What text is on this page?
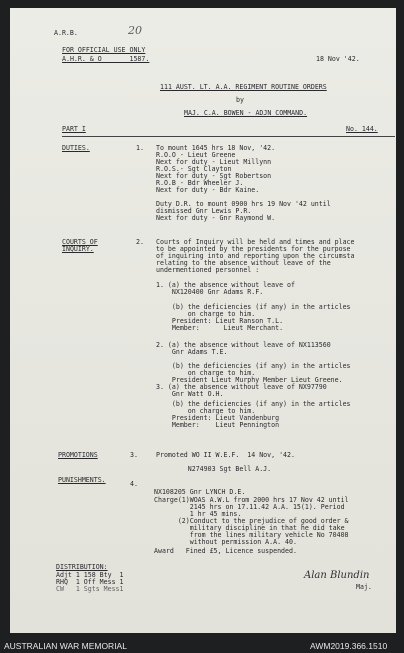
A.R.B.	20
FOR OFFICIAL USE ONLY
A.H.R. & O       1587.	18 Nov '42.
111 AUST. LT. A.A. REGIMENT ROUTINE ORDERS
by
MAJ. C.A. BOWEN - ADJN COMMAND.
PART I	No. 144.
DUTIES.	1. To mount 1645 hrs 18 Nov, '42.
R.O.O - Lieut Greene
Next for duty - Lieut Millynn
R.O.S.- Sgt Clayton
Next for duty - Sgt Robertson
R.O.B - Bdr Wheeler J.
Next for duty - Bdr Kaine.
Duty D.R. to mount 0900 hrs 19 Nov '42 until
dismissed Gnr Lewis P.R.
Next for duty - Gnr Raymond W.
COURTS OF
INQUIRY.
2. Courts of Inquiry will be held and times and place
to be appointed by the presidents for the purpose
of inquiring into and reporting upon the circumsta
relating to the absence without leave of the
undermentioned personnel :
1. (a) the absence without leave of
NX120400 Gnr Adams R.F.
(b) the deficiencies (if any) in the articles
on charge to him.
President: Lieut Ranson T.L.
Member:      Lieut Merchant.
2. (a) the absence without leave of NX113560
Gnr Adams T.E.
(b) the deficiencies (if any) in the articles
on charge to him.
President Lieut Murphy Member Lieut Greene.
3. (a) the absence without leave of NX97790
Gnr Watt O.H.
(b) the deficiencies (if any) in the articles
on charge to him.
President: Lieut Vandenburg
Member:    Lieut Pennington
PROMOTIONS	3.	Promoted WO II W.E.F.  14 Nov, '42.
N274903 Sgt Bell A.J.
PUNISHMENTS.	4.
NX108205 Gnr LYNCH D.E.
Charge(1)WOAS A.W.L from 2000 hrs 17 Nov 42 until
2145 hrs on 17.11.42 A.A. 15(1). Period
1 hr 45 mins.
(2)Conduct to the prejudice of good order &
military discipline in that he did take
from the lines military vehicle No 70408
without permission A.A. 40.
Award   Fined £5, Licence suspended.
DISTRIBUTION:
Adjt 1 158 Bty  1
RHQ  1 Off Mess 1
CW   1 Sgts Mess1
Alan Blundin
Maj.
AUSTRALIAN WAR MEMORIAL	AWM2019.366.1510
